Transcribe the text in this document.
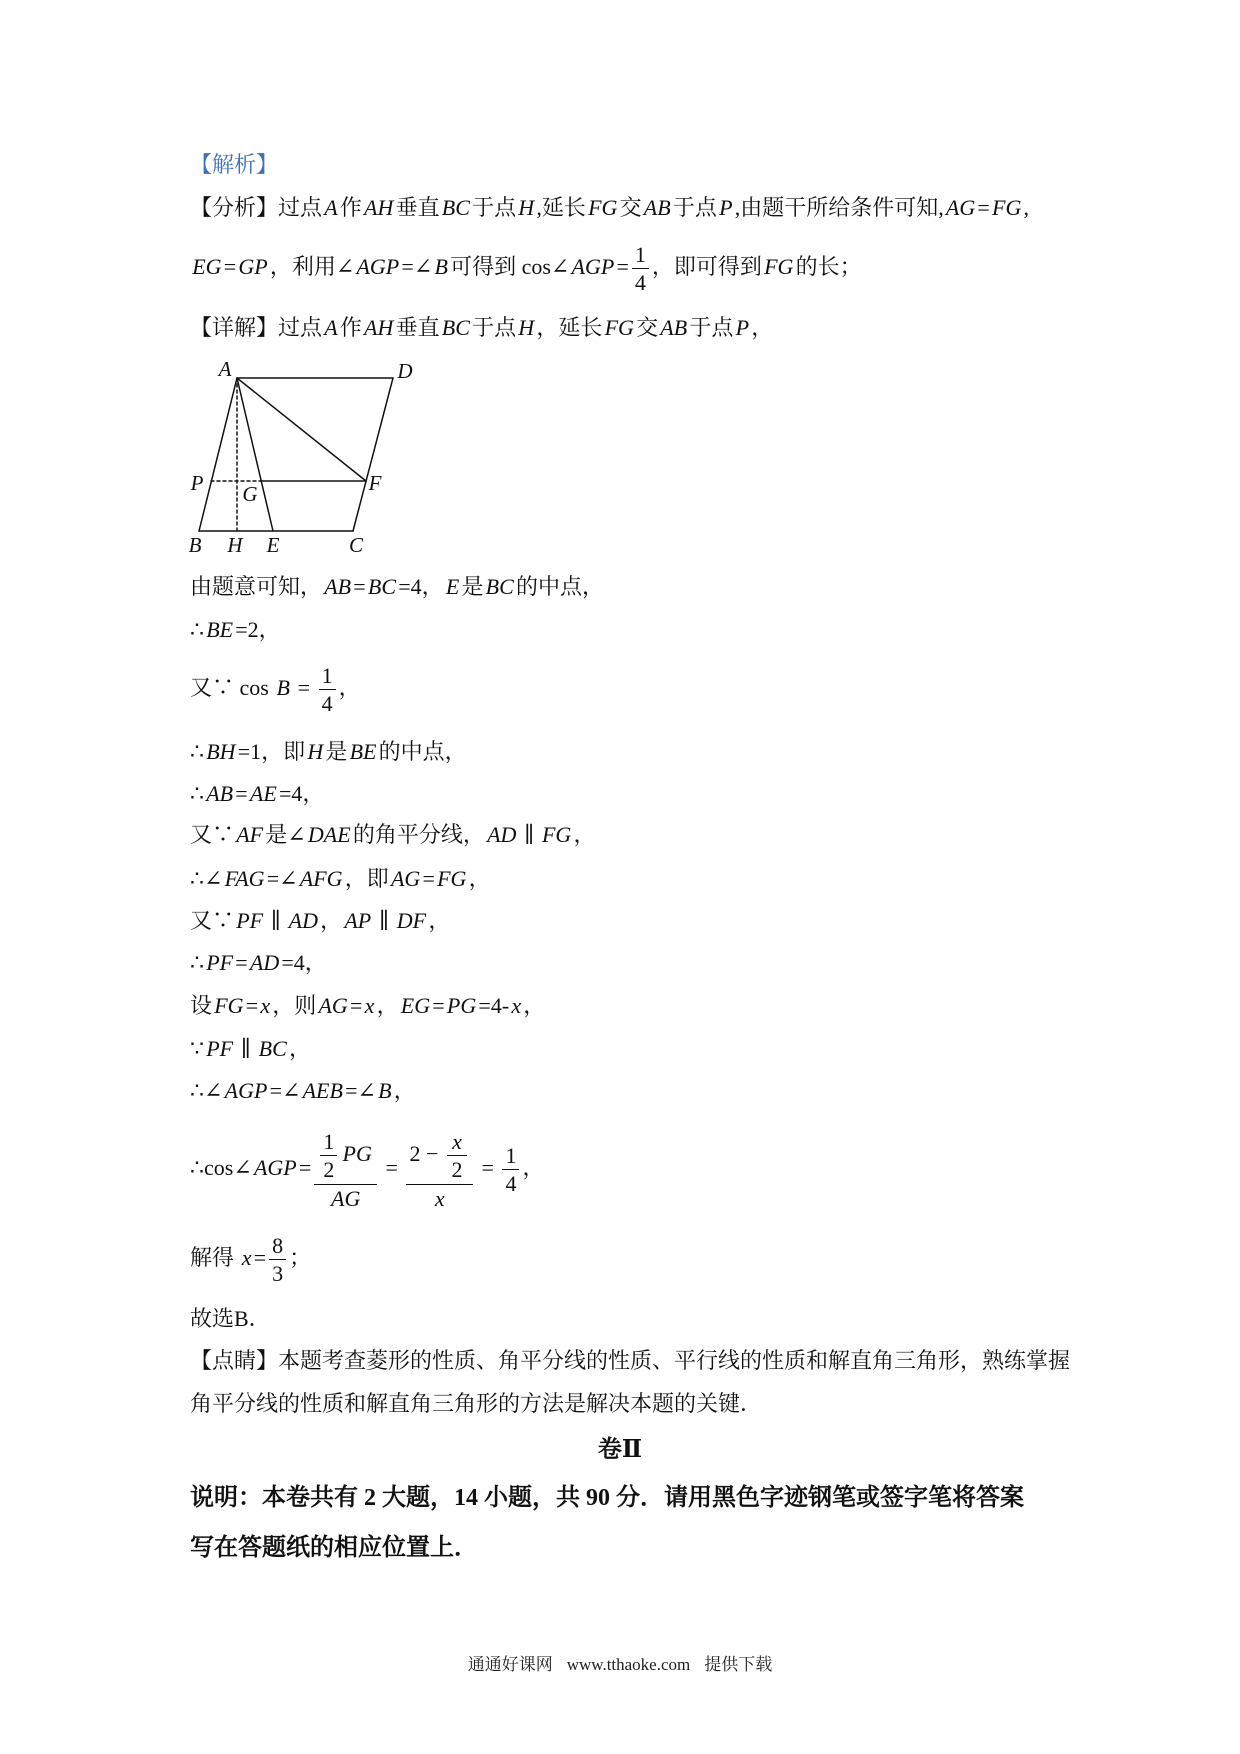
【解析】
【分析】过点A作AH垂直BC于点H,延长FG交AB于点P,由题干所给条件可知,AG=FG,
EG=GP，利用∠AGP=∠B可得到 cos∠AGP= $\frac{1}{4}$ ，即可得到FG的长；
【详解】过点A作AH垂直BC于点H，延长FG交AB于点P，
A	D
P G	F
B H E	C
由题意可知，AB=BC=4，E是BC的中点，
∴BE=2，
又∵ $\cos B = \frac{1}{4}$ ，
∴BH=1，即H是BE的中点，
∴AB=AE=4，
又∵AF是∠DAE的角平分线，AD ∥ FG，
∴∠FAG=∠AFG，即AG=FG，
又∵PF ∥ AD，AP ∥ DF，
∴PF=AD=4，
设FG=x，则AG=x，EG=PG=4-x，
∵PF ∥ BC，
∴∠AGP=∠AEB=∠B，
∴cos∠AGP= $\frac{\frac{1}{2} PG}{AG} = \frac{2 - \frac{x}{2}}{x} = \frac{1}{4}$ ，
解得 $x= \frac{8}{3}$ ；
故选B．
【点睛】本题考查菱形的性质、角平分线的性质、平行线的性质和解直角三角形，熟练掌握
角平分线的性质和解直角三角形的方法是解决本题的关键．
卷Ⅱ
说明：本卷共有 2 大题，14 小题，共 90 分．请用黑色字迹钢笔或签字笔将答案
写在答题纸的相应位置上．
通通好课网 www.tthaoke.com 提供下载
